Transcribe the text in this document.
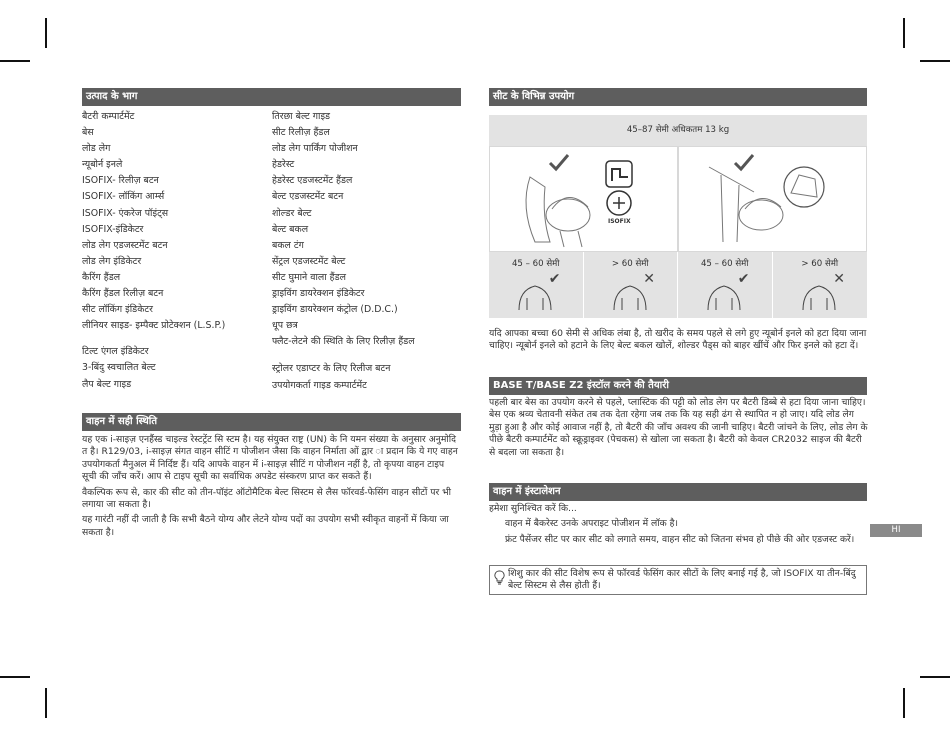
उत्पाद के भाग
बैटरी कम्पार्टमेंट
बेस
लोड लेग
न्यूबोर्न इनले
ISOFIX- रिलीज़ बटन
ISOFIX- लॉकिंग आर्म्स
ISOFIX- एंकरेज पॉइंट्स
ISOFIX-इंडिकेटर
लोड लेग एडजस्टमेंट बटन
लोड लेग इंडिकेटर
कैरिंग हैंडल
कैरिंग हैंडल रिलीज़ बटन
सीट लॉकिंग इंडिकेटर
लीनियर साइड- इम्पैक्ट प्रोटेक्शन (L.S.P.)
टिल्ट एंगल इंडिकेटर
3-बिंदु स्वचालित बेल्ट
लैप बेल्ट गाइड
तिरछा बेल्ट गाइड
सीट रिलीज़ हैंडल
लोड लेग पार्किंग पोजीशन
हेडरेस्ट
हेडरेस्ट एडजस्टमेंट हैंडल
बेल्ट एडजस्टमेंट बटन
शोल्डर बेल्ट
बेल्ट बकल
बकल टंग
सेंट्रल एडजस्टमेंट बेल्ट
सीट घुमाने वाला हैंडल
ड्राइविंग डायरेक्शन इंडिकेटर
ड्राइविंग डायरेक्शन कंट्रोल (D.D.C.)
धूप छत्र
फ्लैट-लेटने की स्थिति के लिए रिलीज़ हैंडल
स्ट्रोलर एडाप्टर के लिए रिलीज बटन
उपयोगकर्ता गाइड कम्पार्टमेंट
वाहन में सही स्थिति

यह एक i-साइज़ एनहैंस्ड चाइल्ड रेस्टट्रेंट सि स्टम है। यह संयुक्त राष्ट्र (UN) के नि यमन संख्या के अनुसार अनुमोदि त है। R129/03, i-साइज़ संगत वाहन सीटिं ग पोजीशन जैसा कि वाहन निर्माता ओं द्वार ा प्रदान कि ये गए वाहन उपयोगकर्ता मैनुअल में निर्दिष्ट हैं। यदि आपके वाहन में i-साइज़ सीटिं ग पोजीशन नहीं है, तो कृपया वाहन टाइप सूची की जाँच करें। आप से टाइप सूची का सर्वाधिक अपडेट संस्करण प्राप्त कर सकते हैं।

वैकल्पिक रूप से, कार की सीट को तीन-पॉइंट ऑटोमैटिक बेल्ट सिस्टम से लैस फॉरवर्ड-फेसिंग वाहन सीटों पर भी लगाया जा सकता है।

यह गारंटी नहीं दी जाती है कि सभी बैठने योग्य और लेटने योग्य पदों का उपयोग सभी स्वीकृत वाहनों में किया जा सकता है।

सीट के विभिन्न उपयोग
45–87 सेमी अधिकतम 13 kg
ISOFIX
45 – 60 सेमी
✔
> 60 सेमी
✕
45 – 60 सेमी
✔
> 60 सेमी
✕

यदि आपका बच्चा 60 सेमी से अधिक लंबा है, तो खरीद के समय पहले से लगे हुए न्यूबोर्न इनले को हटा दिया जाना चाहिए। न्यूबोर्न इनले को हटाने के लिए बेल्ट बकल खोलें, शोल्डर पैड्स को बाहर खींचें और फिर इनले को हटा दें।

BASE T/BASE Z2 इंस्टॉल करने की तैयारी

पहली बार बेस का उपयोग करने से पहले, प्लास्टिक की पट्टी को लोड लेग पर बैटरी डिब्बे से हटा दिया जाना चाहिए। बेस एक श्रव्य चेतावनी संकेत तब तक देता रहेगा जब तक कि यह सही ढंग से स्थापित न हो जाए। यदि लोड लेग मुड़ा हुआ है और कोई आवाज नहीं है, तो बैटरी की जाँच अवश्य की जानी चाहिए। बैटरी जांचने के लिए, लोड लेग के पीछे बैटरी कम्पार्टमेंट को स्क्रूड्राइवर (पेचकस) से खोला जा सकता है। बैटरी को केवल CR2032 साइज की बैटरी से बदला जा सकता है।

वाहन में इंस्टालेशन

हमेशा सुनिश्चित करें कि...

वाहन में बैकरेस्ट उनके अपराइट पोजीशन में लॉक है।

फ्रंट पैसेंजर सीट पर कार सीट को लगाते समय, वाहन सीट को जितना संभव हो पीछे की ओर एडजस्ट करें।

शिशु कार की सीट विशेष रूप से फॉरवर्ड फेसिंग कार सीटों के लिए बनाई गई है, जो ISOFIX या तीन-बिंदु बेल्ट सिस्टम से लैस होती हैं।
HI
